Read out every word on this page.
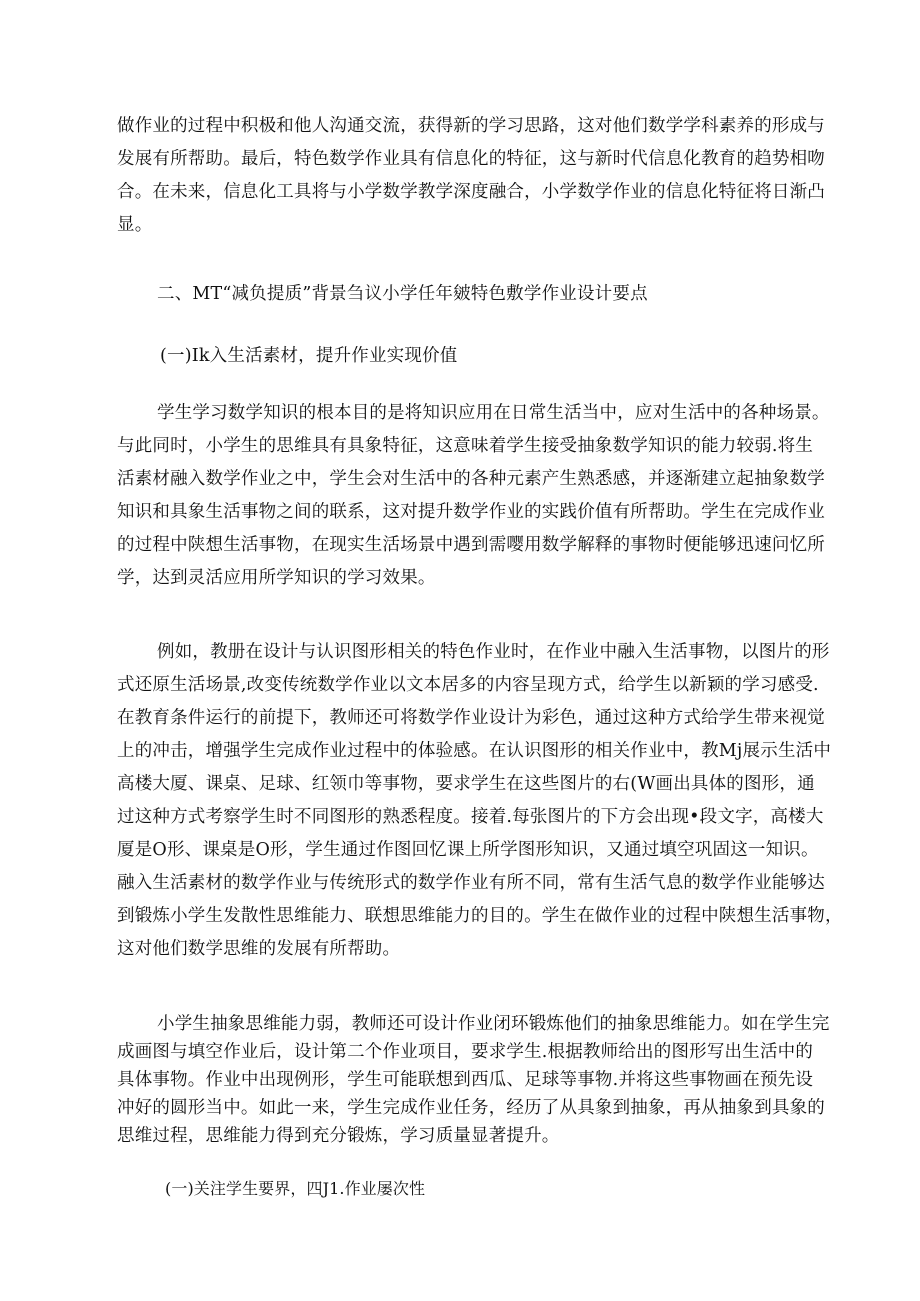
做作业的过程中积极和他人沟通交流，获得新的学习思路，这对他们数学学科素养的形成与
发展有所帮助。最后，特色数学作业具有信息化的特征，这与新时代信息化教育的趋势相吻
合。在未来，信息化工具将与小学数学教学深度融合，小学数学作业的信息化特征将日渐凸
显。
二、MT“减负提质”背景刍议小学任年皴特色敷学作业设计要点
(一)Ik入生活素材，提升作业实现价值
学生学习数学知识的根本目的是将知识应用在日常生活当中，应对生活中的各种场景。
与此同时，小学生的思维具有具象特征，这意味着学生接受抽象数学知识的能力较弱.将生
活素材融入数学作业之中，学生会对生活中的各种元素产生熟悉感，并逐渐建立起抽象数学
知识和具象生活事物之间的联系，这对提升数学作业的实践价值有所帮助。学生在完成作业
的过程中陕想生活事物，在现实生活场景中遇到需嘤用数学解释的事物时便能够迅速问忆所
学，达到灵活应用所学知识的学习效果。
例如，教册在设计与认识图形相关的特色作业时，在作业中融入生活事物，以图片的形
式还原生活场景,改变传统数学作业以文本居多的内容呈现方式，给学生以新颖的学习感受.
在教育条件运行的前提下，教师还可将数学作业设计为彩色，通过这种方式给学生带来视觉
上的冲击，增强学生完成作业过程中的体验感。在认识图形的相关作业中，教Mj展示生活中
高楼大厦、课桌、足球、红领巾等事物，要求学生在这些图片的右(W画出具体的图形，通
过这种方式考察学生时不同图形的熟悉程度。接着.每张图片的下方会出现•段文字，高楼大
厦是O形、课桌是O形，学生通过作图回忆课上所学图形知识，又通过填空巩固这一知识。
融入生活素材的数学作业与传统形式的数学作业有所不同，常有生活气息的数学作业能够达
到锻炼小学生发散性思维能力、联想思维能力的目的。学生在做作业的过程中陕想生活事物，
这对他们数学思维的发展有所帮助。
小学生抽象思维能力弱，教师还可设计作业闭环锻炼他们的抽象思维能力。如在学生完
成画图与填空作业后，设计第二个作业项目，要求学生.根据教师给出的图形写出生活中的
具体事物。作业中出现例形，学生可能联想到西瓜、足球等事物.并将这些事物画在预先设
冲好的圆形当中。如此一来，学生完成作业任务，经历了从具象到抽象，再从抽象到具象的
思维过程，思维能力得到充分锻炼，学习质量显著提升。
(一)关注学生要界，四J1.作业屡次性
